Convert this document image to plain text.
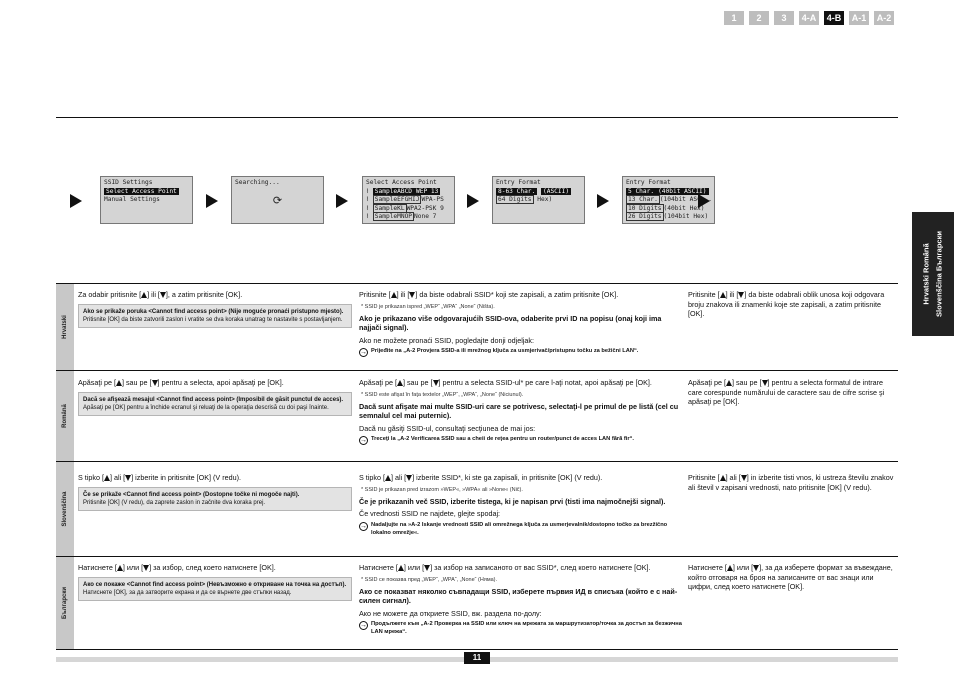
1	2	3	4-A	4-B	A-1	A-2
SSID Settings
Select Access Point
Manual Settings
Searching...
⟳
Select Access Point
⌇ SampleABCD WEP 13
⌇ SampleEFGHIJ WPA-PS
⌇ SampleKL WPA2-PSK 9
⌇ SampleMNOP None 7
Entry Format
8-63 Char. (ASCII)
64 Digits Hex)
Entry Format
5 Char. (40bit ASCII)
13 Char. (104bit ASC...
10 Digits (40bit Hex)
26 Digits (104bit Hex)
Hrvatski Română Slovenščina Български
Hrvatski
Za odabir pritisnite [ ] ili [ ], a zatim pritisnite [OK].
Ako se prikaže poruka <Cannot find access point> (Nije moguće pronaći pristupno mjesto).
Pritisnite [OK] da biste zatvorili zaslon i vratite se dva koraka unatrag te nastavite s postavljanjem.
Pritisnite [ ] ili [ ] da biste odabrali SSID* koji ste zapisali, a zatim pritisnite [OK].
* SSID je prikazan ispred „WEP“ „WPA“ „None“ (Ništa).
Ako je prikazano više odgovarajućih SSID-ova, odaberite prvi ID na popisu (onaj koji ima najjači signal).
Ako ne možete pronaći SSID, pogledajte donji odjeljak:
→ Prijeđite na „A-2 Provjera SSID-a ili mrežnog ključa za usmjerivač/pristupnu točku za bežični LAN“.
Pritisnite [ ] ili [ ] da biste odabrali oblik unosa koji odgovara broju znakova ili znamenki koje ste zapisali, a zatim pritisnite [OK].
Română
Apăsaţi pe [ ] sau pe [ ] pentru a selecta, apoi apăsaţi pe [OK].
Dacă se afişează mesajul <Cannot find access point> (Imposibil de găsit punctul de acces).
Apăsaţi pe [OK] pentru a închide ecranul şi reluaţi de la operaţia descrisă cu doi paşi înainte.
Apăsaţi pe [ ] sau pe [ ] pentru a selecta SSID-ul* pe care l-aţi notat, apoi apăsaţi pe [OK].
* SSID este afişat în faţa textelor „WEP“, „WPA“, „None“ (Niciunul).
Dacă sunt afişate mai multe SSID-uri care se potrivesc, selectaţi-l pe primul de pe listă (cel cu semnalul cel mai puternic).
Dacă nu găsiţi SSID-ul, consultaţi secţiunea de mai jos:
→ Treceţi la „A-2 Verificarea SSID sau a cheii de reţea pentru un router/punct de acces LAN fără fir“.
Apăsaţi pe [ ] sau pe [ ] pentru a selecta formatul de intrare care corespunde numărului de caractere sau de cifre scrise şi apăsaţi pe [OK].
Slovenščina
S tipko [ ] ali [ ] izberite in pritisnite [OK] (V redu).
Če se prikaže <Cannot find access point> (Dostopne točke ni mogoče najti).
Pritisnite [OK] (V redu), da zaprete zaslon in začnite dva koraka prej.
S tipko [ ] ali [ ] izberite SSID*, ki ste ga zapisali, in pritisnite [OK] (V redu).
* SSID je prikazan pred izrazom »WEP«, »WPA« ali »None« (Nič).
Če je prikazanih več SSID, izberite tistega, ki je napisan prvi (tisti ima najmočnejši signal).
Če vrednosti SSID ne najdete, glejte spodaj:
→ Nadaljujte na »A-2 Iskanje vrednosti SSID ali omrežnega ključa za usmerjevalnik/dostopno točko za brezžično lokalno omrežje«.
Pritisnite [ ] ali [ ] in izberite tisti vnos, ki ustreza številu znakov ali števil v zapisani vrednosti, nato pritisnite [OK] (V redu).
Български
Натиснете [ ] или [ ] за избор, след което натиснете [OK].
Ако се покаже <Cannot find access point> (Невъзможно е откриване на точка на достъп).
Натиснете [OK], за да затворите екрана и да се върнете две стъпки назад.
Натиснете [ ] или [ ] за избор на записаното от вас SSID*, след което натиснете [OK].
* SSID се показва пред „WEP“, „WPA“, „None“ (Няма).
Ако се показват няколко съвпадащи SSID, изберете първия ИД в списъка (който е с най-силен сигнал).
Ако не можете да откриете SSID, вж. раздела по-долу:
→ Продължете към „A-2 Проверка на SSID или ключ на мрежата за маршрутизатор/точка за достъп за безжична LAN мрежа“.
Натиснете [ ] или [ ], за да изберете формат за въвеждане, който отговаря на броя на записаните от вас знаци или цифри, след което натиснете [OK].
11
